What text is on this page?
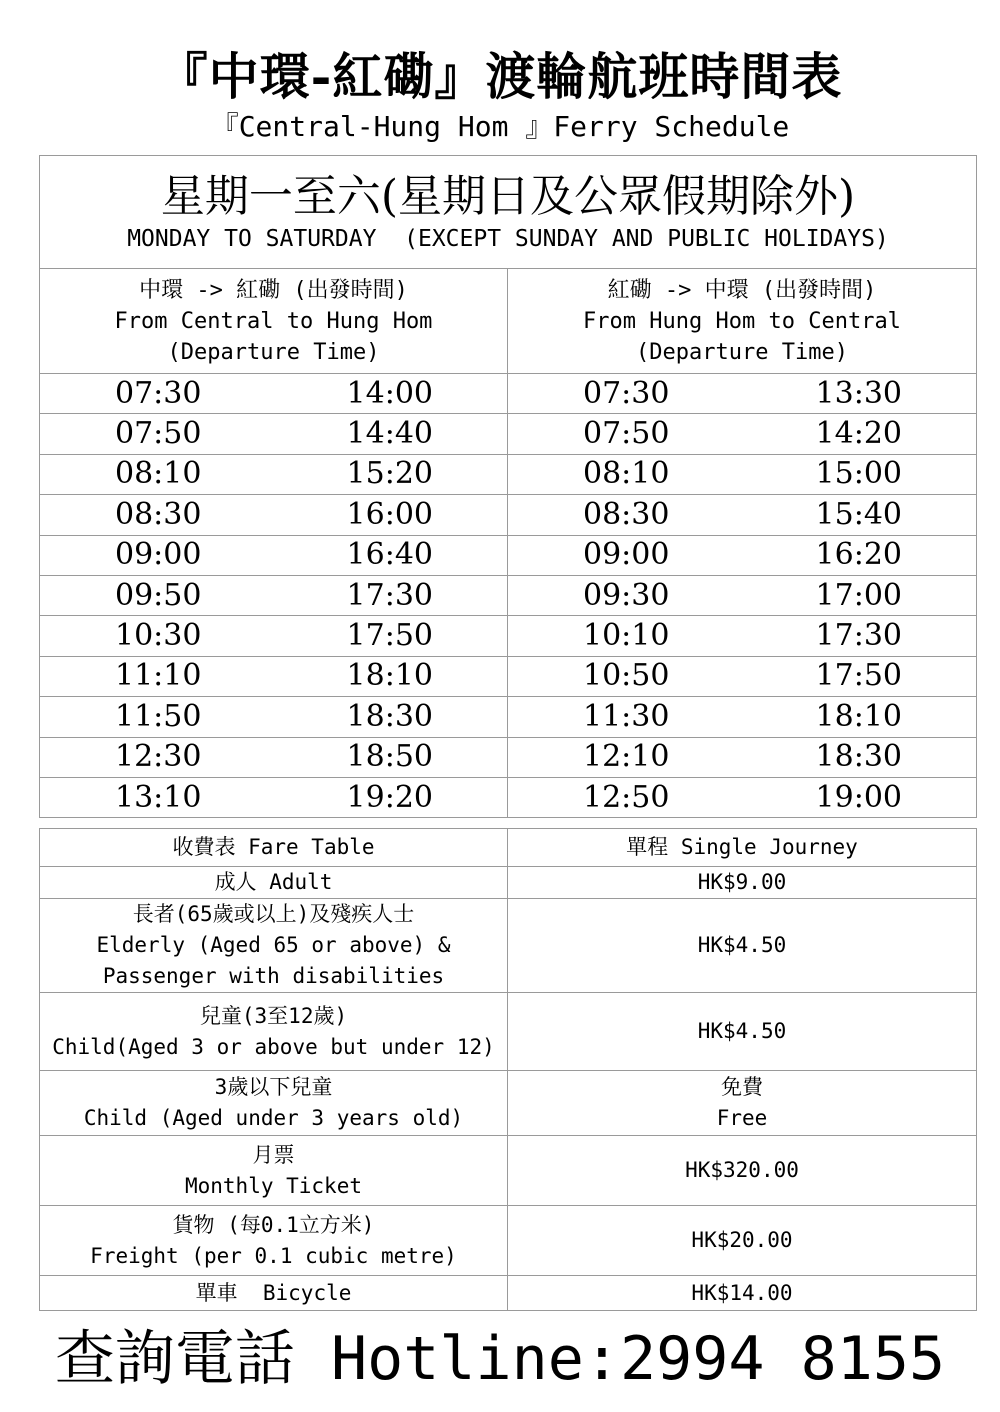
『中環-紅磡』渡輪航班時間表
『Central-Hung Hom 』Ferry Schedule
星期一至六(星期日及公眾假期除外)
MONDAY TO SATURDAY  (EXCEPT SUNDAY AND PUBLIC HOLIDAYS)	

中環 -> 紅磡 (出發時間)
From Central to Hung Hom
(Departure Time)	紅磡 -> 中環 (出發時間)
From Hung Hom to Central
(Departure Time)

07:30 14:00	07:30 13:30

07:50 14:40	07:50 14:20

08:10 15:20	08:10 15:00

08:30 16:00	08:30 15:40

09:00 16:40	09:00 16:20

09:50 17:30	09:30 17:00

10:30 17:50	10:10 17:30

11:10 18:10	10:50 17:50

11:50 18:30	11:30 18:10

12:30 18:50	12:10 18:30

13:10 19:20	12:50 19:00
收費表 Fare Table	單程 Single Journey

成人 Adult	HK$9.00

長者(65歲或以上)及殘疾人士
Elderly (Aged 65 or above) &
Passenger with disabilities	HK$4.50

兒童(3至12歲)
Child(Aged 3 or above but under 12)	HK$4.50

3歲以下兒童
Child (Aged under 3 years old)	免費
Free

月票
Monthly Ticket	HK$320.00

貨物 (每0.1立方米)
Freight (per 0.1 cubic metre)	HK$20.00

單車  Bicycle	HK$14.00
查詢電話 Hotline:2994 8155
